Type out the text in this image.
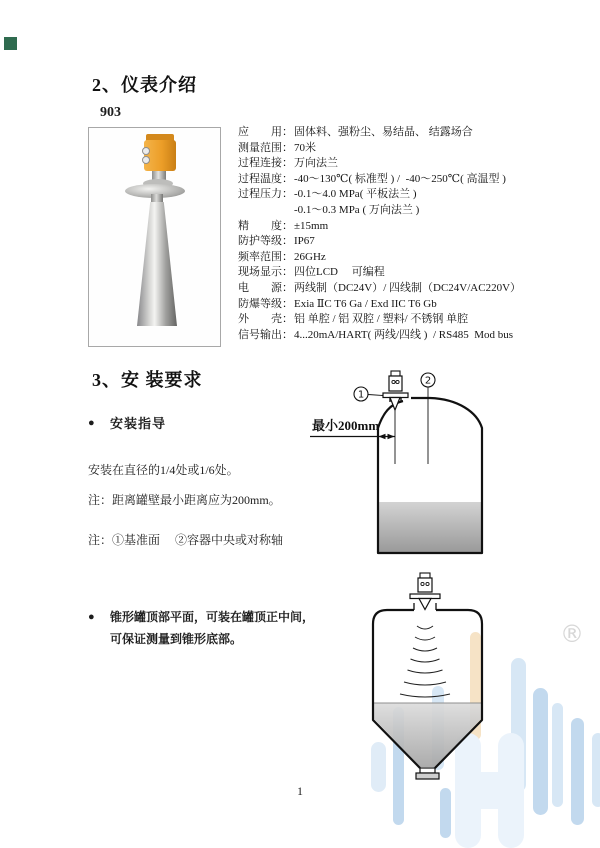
2、仪表介绍
903
应　　用： 固体料、强粉尘、易结晶、 结露场合
测量范围： 70米
过程连接： 万向法兰
过程温度： -40～130℃( 标准型 ) /  -40～250℃( 高温型 )
过程压力： -0.1～4.0 MPa( 平板法兰 )
-0.1～0.3 MPa ( 万向法兰 )
精　　度： ±15mm
防护等级： IP67
频率范围： 26GHz
现场显示： 四位LCD　 可编程
电　　源： 两线制（DC24V）/ 四线制（DC24V/AC220V）
防爆等级： Exia ⅡC T6 Ga / Exd IIC T6 Gb
外　　壳： 铝 单腔 / 铝 双腔 / 塑料/ 不锈钢 单腔
信号输出： 4...20mA/HART( 两线/四线 )  / RS485  Mod bus
3、安 装要求
● 安装指导
安装在直径的1/4处或1/6处。
注：距离罐壁最小距离应为200mm。
注：①基准面　 ②容器中央或对称轴
● 锥形罐顶部平面，可装在罐顶正中间，
可保证测量到锥形底部。
1
2
最小200mm
®
1
